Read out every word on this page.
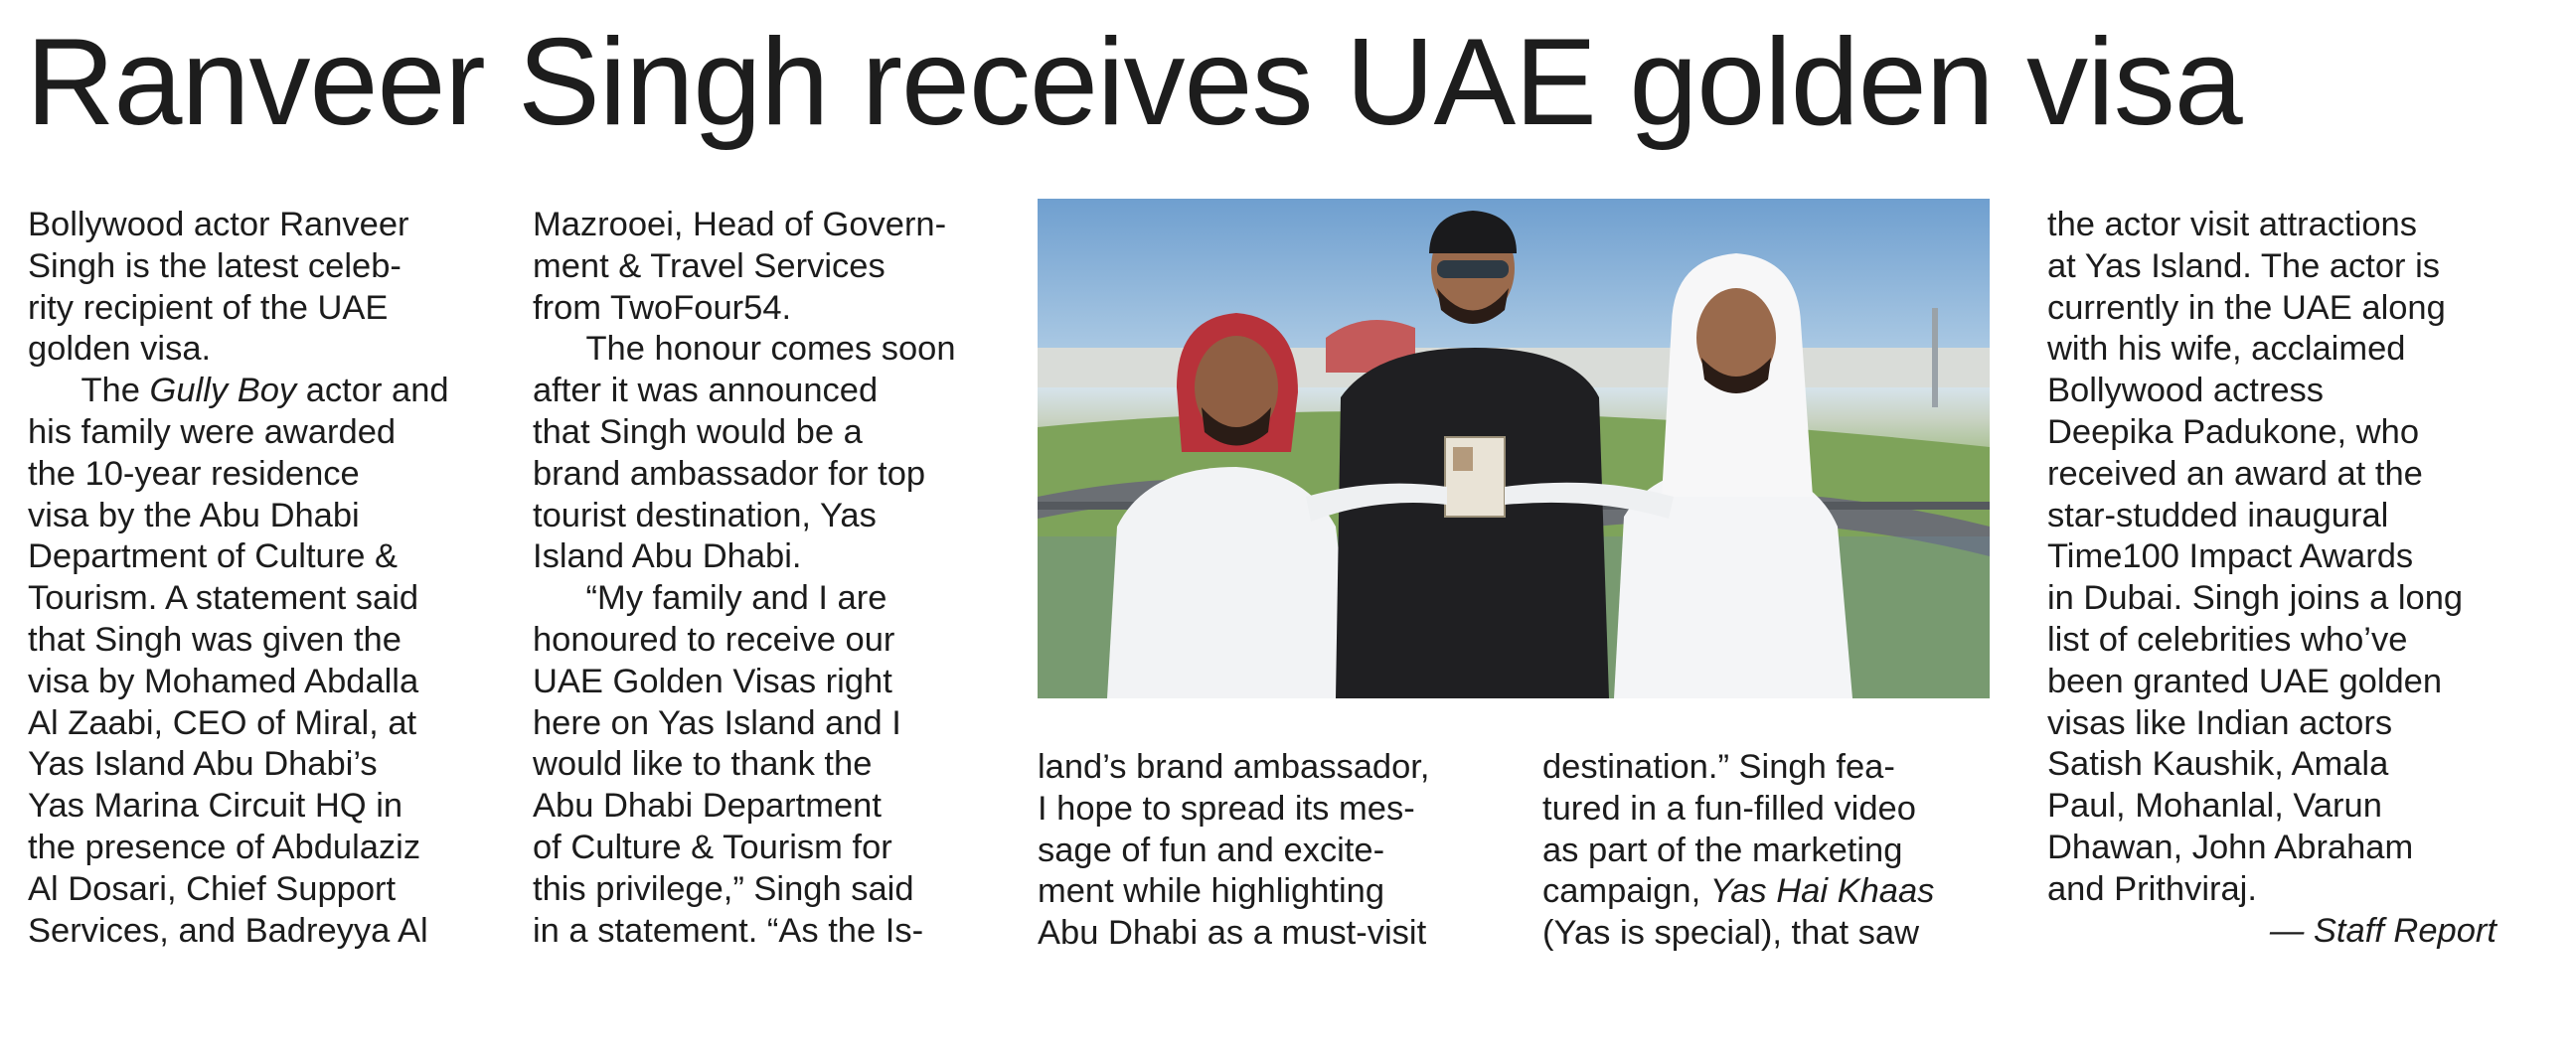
Ranveer Singh receives UAE golden visa

Bollywood actor Ranveer
Singh is the latest celeb-
rity recipient of the UAE
golden visa.

The Gully Boy actor and

his family were awarded
the 10-year residence
visa by the Abu Dhabi
Department of Culture &
Tourism. A statement said
that Singh was given the
visa by Mohamed Abdalla
Al Zaabi, CEO of Miral, at
Yas Island Abu Dhabi’s
Yas Marina Circuit HQ in
the presence of Abdulaziz
Al Dosari, Chief Support
Services, and Badreyya Al

Mazrooei, Head of Govern-
ment & Travel Services
from TwoFour54.

The honour comes soon

after it was announced
that Singh would be a
brand ambassador for top
tourist destination, Yas
Island Abu Dhabi.

“My family and I are

honoured to receive our
UAE Golden Visas right
here on Yas Island and I
would like to thank the
Abu Dhabi Department
of Culture & Tourism for
this privilege,” Singh said
in a statement. “As the Is-

land’s brand ambassador,
I hope to spread its mes-
sage of fun and excite-
ment while highlighting
Abu Dhabi as a must-visit

destination.” Singh fea-
tured in a fun-filled video
as part of the marketing
campaign, Yas Hai Khaas
(Yas is special), that saw

the actor visit attractions
at Yas Island. The actor is
currently in the UAE along
with his wife, acclaimed
Bollywood actress
Deepika Padukone, who
received an award at the
star-studded inaugural
Time100 Impact Awards
in Dubai. Singh joins a long
list of celebrities who’ve
been granted UAE golden
visas like Indian actors
Satish Kaushik, Amala
Paul, Mohanlal, Varun
Dhawan, John Abraham
and Prithviraj.

— Staff Report
